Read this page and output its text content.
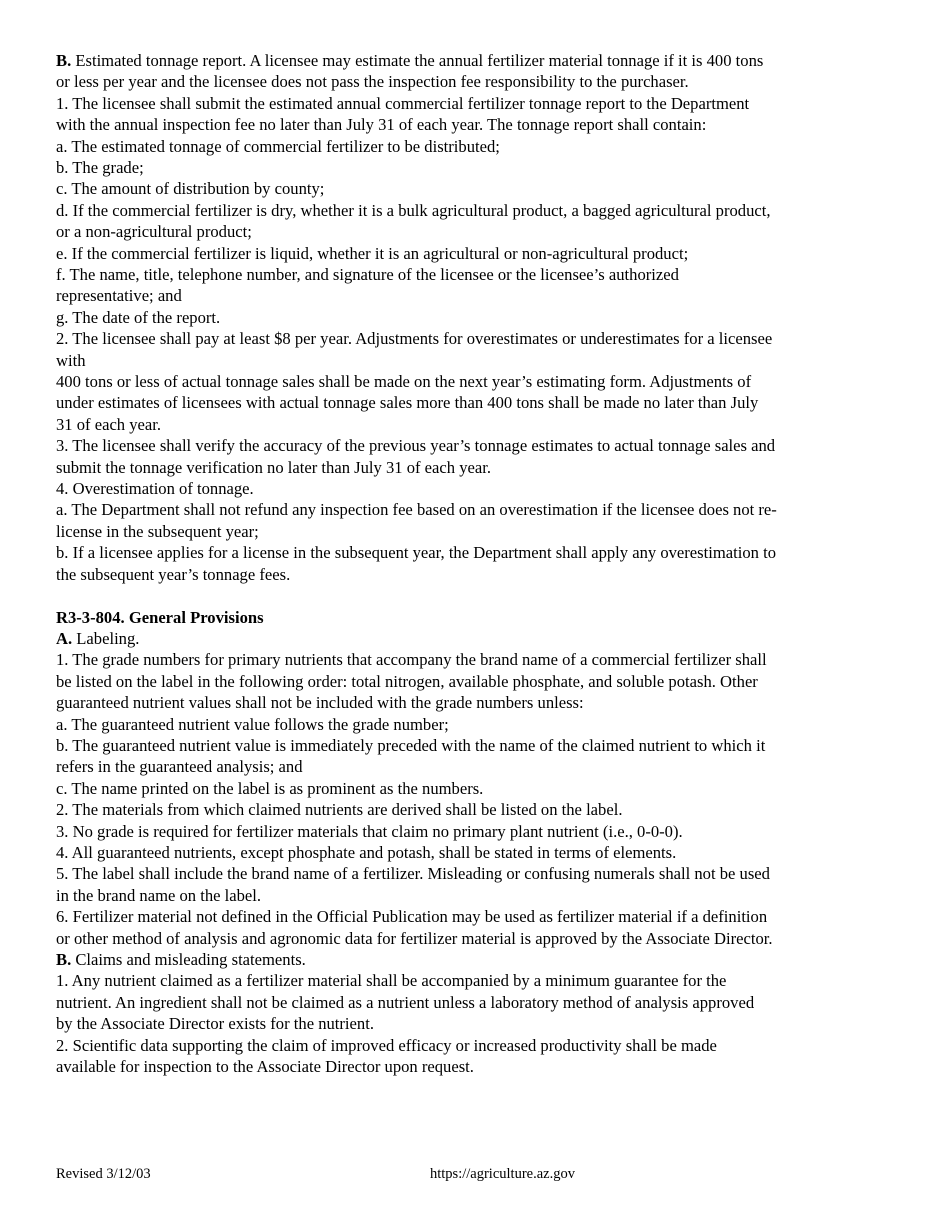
B. Estimated tonnage report. A licensee may estimate the annual fertilizer material tonnage if it is 400 tons
or less per year and the licensee does not pass the inspection fee responsibility to the purchaser.
1. The licensee shall submit the estimated annual commercial fertilizer tonnage report to the Department
with the annual inspection fee no later than July 31 of each year. The tonnage report shall contain:
a. The estimated tonnage of commercial fertilizer to be distributed;
b. The grade;
c. The amount of distribution by county;
d. If the commercial fertilizer is dry, whether it is a bulk agricultural product, a bagged agricultural product,
or a non-agricultural product;
e. If the commercial fertilizer is liquid, whether it is an agricultural or non-agricultural product;
f. The name, title, telephone number, and signature of the licensee or the licensee’s authorized
representative; and
g. The date of the report.
2. The licensee shall pay at least $8 per year. Adjustments for overestimates or underestimates for a licensee
with
400 tons or less of actual tonnage sales shall be made on the next year’s estimating form. Adjustments of
under estimates of licensees with actual tonnage sales more than 400 tons shall be made no later than July
31 of each year.
3. The licensee shall verify the accuracy of the previous year’s tonnage estimates to actual tonnage sales and
submit the tonnage verification no later than July 31 of each year.
4. Overestimation of tonnage.
a. The Department shall not refund any inspection fee based on an overestimation if the licensee does not re-
license in the subsequent year;
b. If a licensee applies for a license in the subsequent year, the Department shall apply any overestimation to
the subsequent year’s tonnage fees.
R3-3-804. General Provisions
A. Labeling.
1. The grade numbers for primary nutrients that accompany the brand name of a commercial fertilizer shall
be listed on the label in the following order: total nitrogen, available phosphate, and soluble potash. Other
guaranteed nutrient values shall not be included with the grade numbers unless:
a. The guaranteed nutrient value follows the grade number;
b. The guaranteed nutrient value is immediately preceded with the name of the claimed nutrient to which it
refers in the guaranteed analysis; and
c. The name printed on the label is as prominent as the numbers.
2. The materials from which claimed nutrients are derived shall be listed on the label.
3. No grade is required for fertilizer materials that claim no primary plant nutrient (i.e., 0-0-0).
4. All guaranteed nutrients, except phosphate and potash, shall be stated in terms of elements.
5. The label shall include the brand name of a fertilizer. Misleading or confusing numerals shall not be used
in the brand name on the label.
6. Fertilizer material not defined in the Official Publication may be used as fertilizer material if a definition
or other method of analysis and agronomic data for fertilizer material is approved by the Associate Director.
B. Claims and misleading statements.
1. Any nutrient claimed as a fertilizer material shall be accompanied by a minimum guarantee for the
nutrient. An ingredient shall not be claimed as a nutrient unless a laboratory method of analysis approved
by the Associate Director exists for the nutrient.
2. Scientific data supporting the claim of improved efficacy or increased productivity shall be made
available for inspection to the Associate Director upon request.
Revised 3/12/03	https://agriculture.az.gov
